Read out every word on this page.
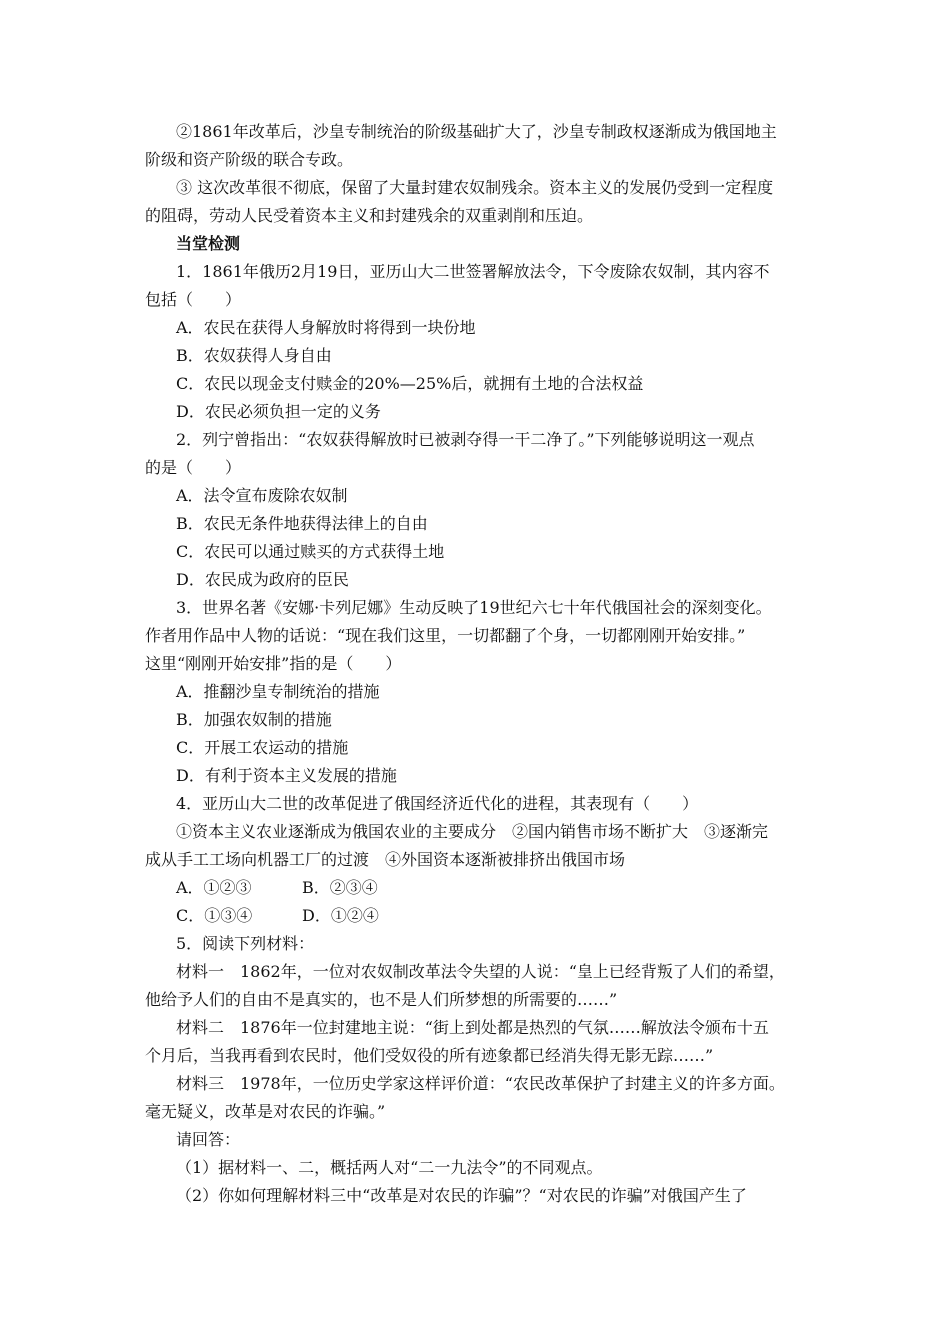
②1861年改革后，沙皇专制统治的阶级基础扩大了，沙皇专制政权逐渐成为俄国地主
阶级和资产阶级的联合专政。
③ 这次改革很不彻底，保留了大量封建农奴制残余。资本主义的发展仍受到一定程度
的阻碍，劳动人民受着资本主义和封建残余的双重剥削和压迫。
当堂检测
1．1861年俄历2月19日，亚历山大二世签署解放法令，下令废除农奴制，其内容不
包括（　　）
A．农民在获得人身解放时将得到一块份地
B．农奴获得人身自由
C．农民以现金支付赎金的20%—25%后，就拥有土地的合法权益
D．农民必须负担一定的义务
2．列宁曾指出：“农奴获得解放时已被剥夺得一干二净了。”下列能够说明这一观点
的是（　　）
A．法令宣布废除农奴制
B．农民无条件地获得法律上的自由
C．农民可以通过赎买的方式获得土地
D．农民成为政府的臣民
3．世界名著《安娜·卡列尼娜》生动反映了19世纪六七十年代俄国社会的深刻变化。
作者用作品中人物的话说：“现在我们这里，一切都翻了个身，一切都刚刚开始安排。”
这里“刚刚开始安排”指的是（　　）
A．推翻沙皇专制统治的措施
B．加强农奴制的措施
C．开展工农运动的措施
D．有利于资本主义发展的措施
4．亚历山大二世的改革促进了俄国经济近代化的进程，其表现有（　　）
①资本主义农业逐渐成为俄国农业的主要成分　②国内销售市场不断扩大　③逐渐完
成从手工工场向机器工厂的过渡　④外国资本逐渐被排挤出俄国市场
A．①②③	B．②③④
C．①③④	D．①②④
5．阅读下列材料：
材料一　1862年，一位对农奴制改革法令失望的人说：“皇上已经背叛了人们的希望，
他给予人们的自由不是真实的，也不是人们所梦想的所需要的……”
材料二　1876年一位封建地主说：“街上到处都是热烈的气氛……解放法令颁布十五
个月后，当我再看到农民时，他们受奴役的所有迹象都已经消失得无影无踪……”
材料三　1978年，一位历史学家这样评价道：“农民改革保护了封建主义的许多方面。
毫无疑义，改革是对农民的诈骗。”
请回答：
（1）据材料一、二，概括两人对“二一九法令”的不同观点。
（2）你如何理解材料三中“改革是对农民的诈骗”？“对农民的诈骗”对俄国产生了
